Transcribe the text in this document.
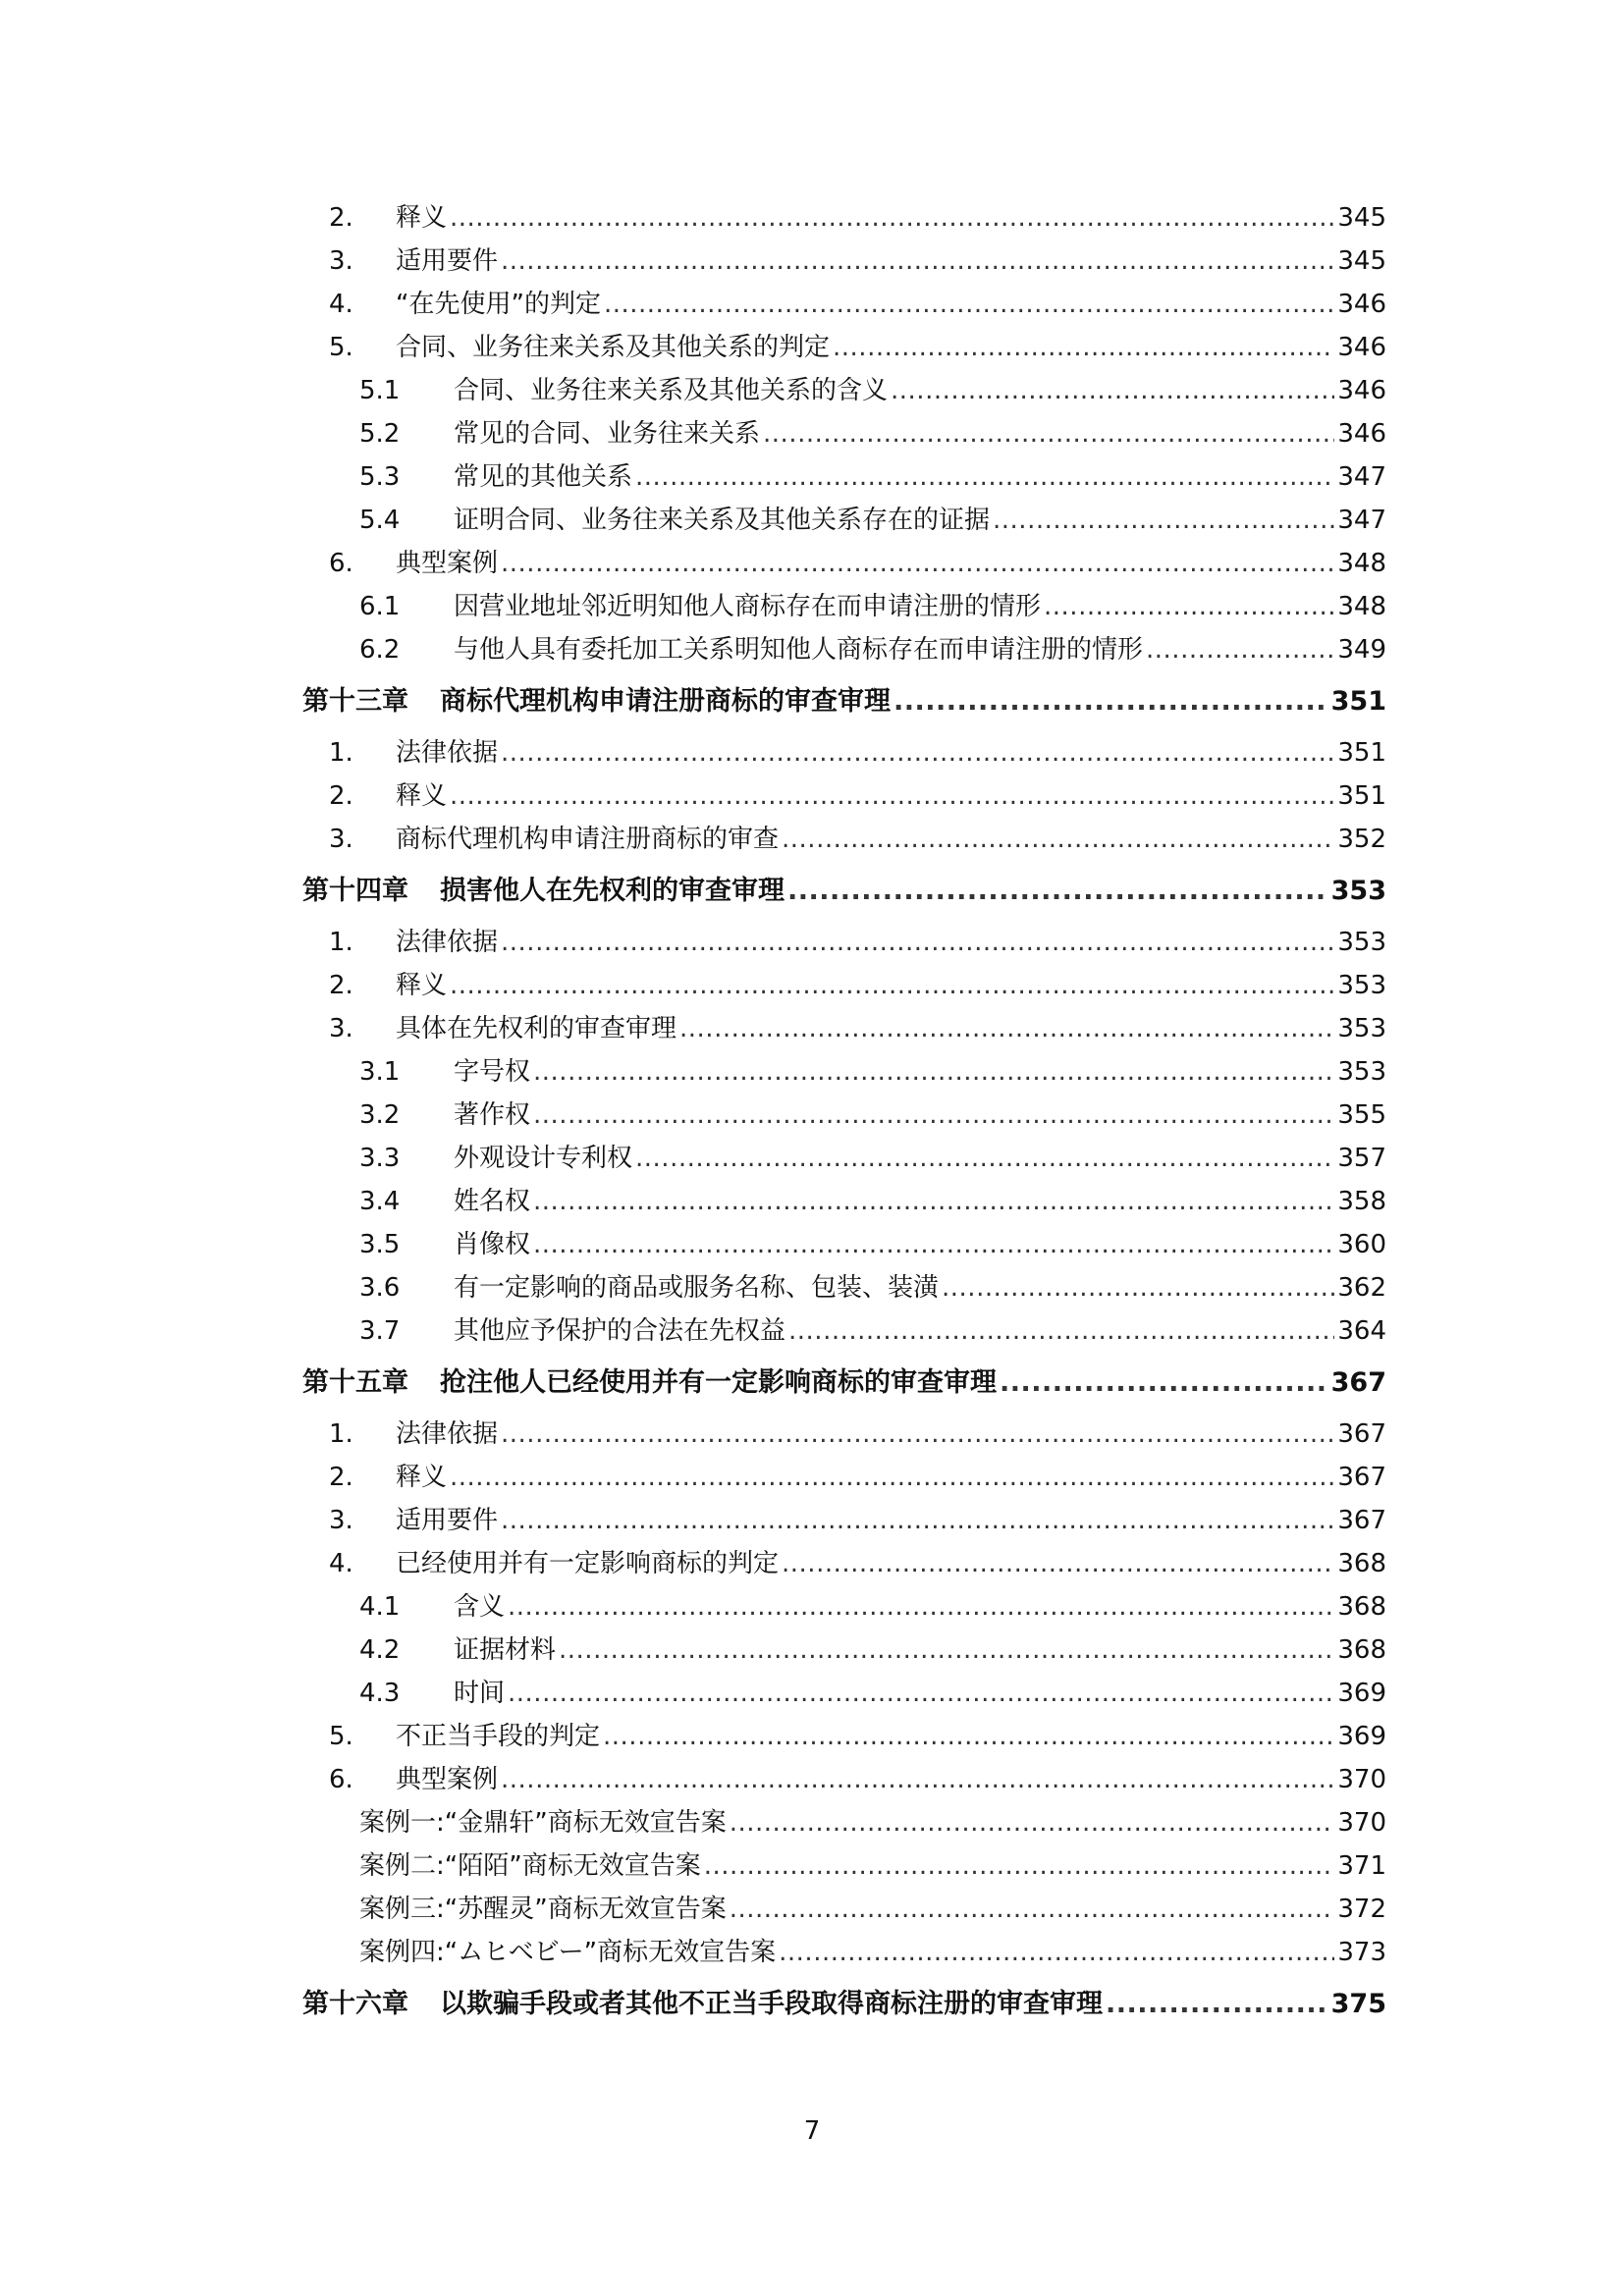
2.	释义 .....	345
3.	适用要件 .....	345
4.	“在先使用”的判定 .....	346
5.	合同、业务往来关系及其他关系的判定 .....	346
5.1	合同、业务往来关系及其他关系的含义 .....	346
5.2	常见的合同、业务往来关系 .....	346
5.3	常见的其他关系 .....	347
5.4	证明合同、业务往来关系及其他关系存在的证据 .....	347
6.	典型案例 .....	348
6.1	因营业地址邻近明知他人商标存在而申请注册的情形 .....	348
6.2	与他人具有委托加工关系明知他人商标存在而申请注册的情形 .....	349
第十三章	商标代理机构申请注册商标的审查审理 .....	351
1.	法律依据 .....	351
2.	释义 .....	351
3.	商标代理机构申请注册商标的审查 .....	352
第十四章	损害他人在先权利的审查审理 .....	353
1.	法律依据 .....	353
2.	释义 .....	353
3.	具体在先权利的审查审理 .....	353
3.1	字号权 .....	353
3.2	著作权 .....	355
3.3	外观设计专利权 .....	357
3.4	姓名权 .....	358
3.5	肖像权 .....	360
3.6	有一定影响的商品或服务名称、包装、装潢 .....	362
3.7	其他应予保护的合法在先权益 .....	364
第十五章	抢注他人已经使用并有一定影响商标的审查审理 .....	367
1.	法律依据 .....	367
2.	释义 .....	367
3.	适用要件 .....	367
4.	已经使用并有一定影响商标的判定 .....	368
4.1	含义 .....	368
4.2	证据材料 .....	368
4.3	时间 .....	369
5.	不正当手段的判定 .....	369
6.	典型案例 .....	370
案例一:“金鼎轩”商标无效宣告案 .....	370
案例二:“陌陌”商标无效宣告案 .....	371
案例三:“苏醒灵”商标无效宣告案 .....	372
案例四:“ムヒベビー”商标无效宣告案 .....	373
第十六章	以欺骗手段或者其他不正当手段取得商标注册的审查审理 .....	375
7
